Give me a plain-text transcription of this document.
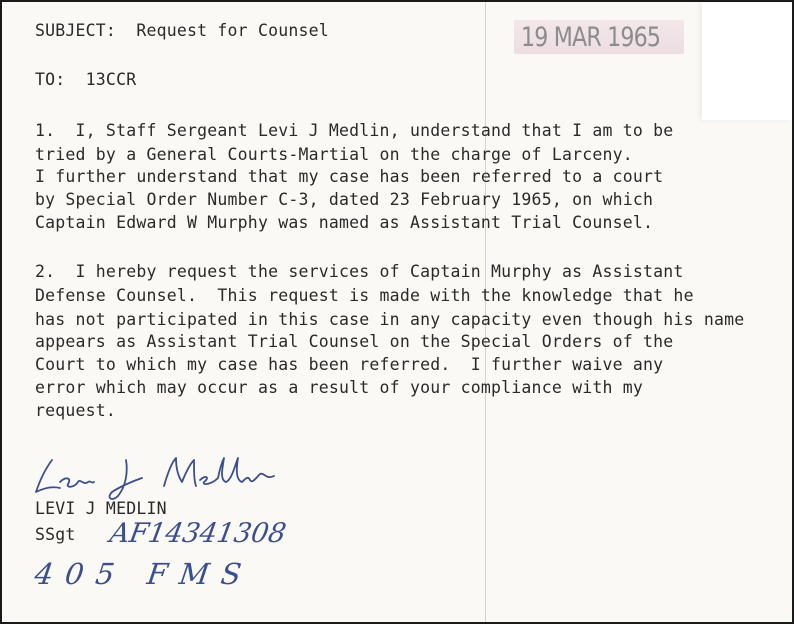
19 MAR 1965
SUBJECT:  Request for Counsel
TO:  13CCR
1.  I, Staff Sergeant Levi J Medlin, understand that I am to be
tried by a General Courts-Martial on the charge of Larceny.
I further understand that my case has been referred to a court
by Special Order Number C-3, dated 23 February 1965, on which
Captain Edward W Murphy was named as Assistant Trial Counsel.
2.  I hereby request the services of Captain Murphy as Assistant
Defense Counsel.  This request is made with the knowledge that he
has not participated in this case in any capacity even though his name
appears as Assistant Trial Counsel on the Special Orders of the
Court to which my case has been referred.  I further waive any
error which may occur as a result of your compliance with my
request.
LEVI J MEDLIN
SSgt AF14341308
405 FMS
